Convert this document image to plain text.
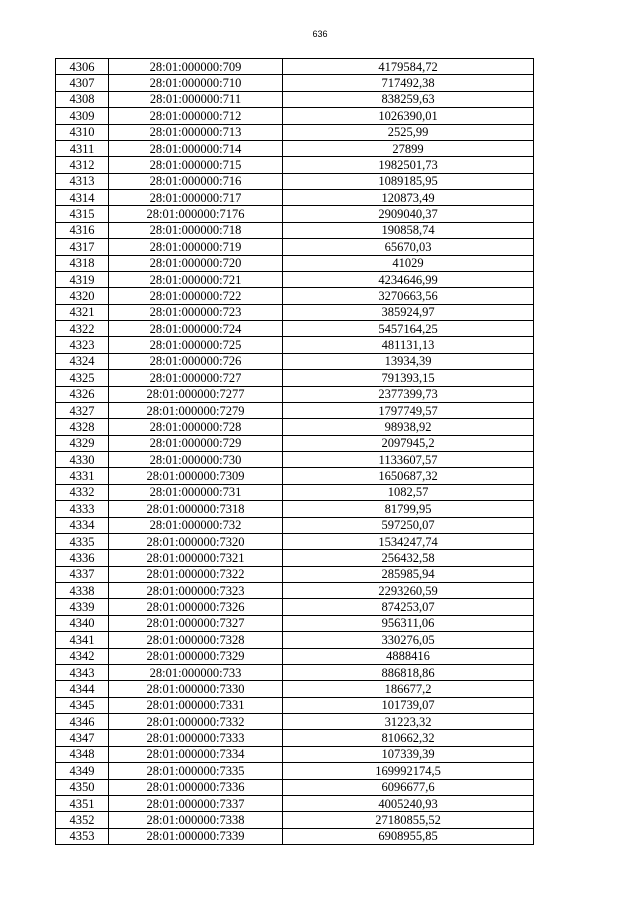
636
4306	28:01:000000:709	4179584,72
4307	28:01:000000:710	717492,38
4308	28:01:000000:711	838259,63
4309	28:01:000000:712	1026390,01
4310	28:01:000000:713	2525,99
4311	28:01:000000:714	27899
4312	28:01:000000:715	1982501,73
4313	28:01:000000:716	1089185,95
4314	28:01:000000:717	120873,49
4315	28:01:000000:7176	2909040,37
4316	28:01:000000:718	190858,74
4317	28:01:000000:719	65670,03
4318	28:01:000000:720	41029
4319	28:01:000000:721	4234646,99
4320	28:01:000000:722	3270663,56
4321	28:01:000000:723	385924,97
4322	28:01:000000:724	5457164,25
4323	28:01:000000:725	481131,13
4324	28:01:000000:726	13934,39
4325	28:01:000000:727	791393,15
4326	28:01:000000:7277	2377399,73
4327	28:01:000000:7279	1797749,57
4328	28:01:000000:728	98938,92
4329	28:01:000000:729	2097945,2
4330	28:01:000000:730	1133607,57
4331	28:01:000000:7309	1650687,32
4332	28:01:000000:731	1082,57
4333	28:01:000000:7318	81799,95
4334	28:01:000000:732	597250,07
4335	28:01:000000:7320	1534247,74
4336	28:01:000000:7321	256432,58
4337	28:01:000000:7322	285985,94
4338	28:01:000000:7323	2293260,59
4339	28:01:000000:7326	874253,07
4340	28:01:000000:7327	956311,06
4341	28:01:000000:7328	330276,05
4342	28:01:000000:7329	4888416
4343	28:01:000000:733	886818,86
4344	28:01:000000:7330	186677,2
4345	28:01:000000:7331	101739,07
4346	28:01:000000:7332	31223,32
4347	28:01:000000:7333	810662,32
4348	28:01:000000:7334	107339,39
4349	28:01:000000:7335	169992174,5
4350	28:01:000000:7336	6096677,6
4351	28:01:000000:7337	4005240,93
4352	28:01:000000:7338	27180855,52
4353	28:01:000000:7339	6908955,85
